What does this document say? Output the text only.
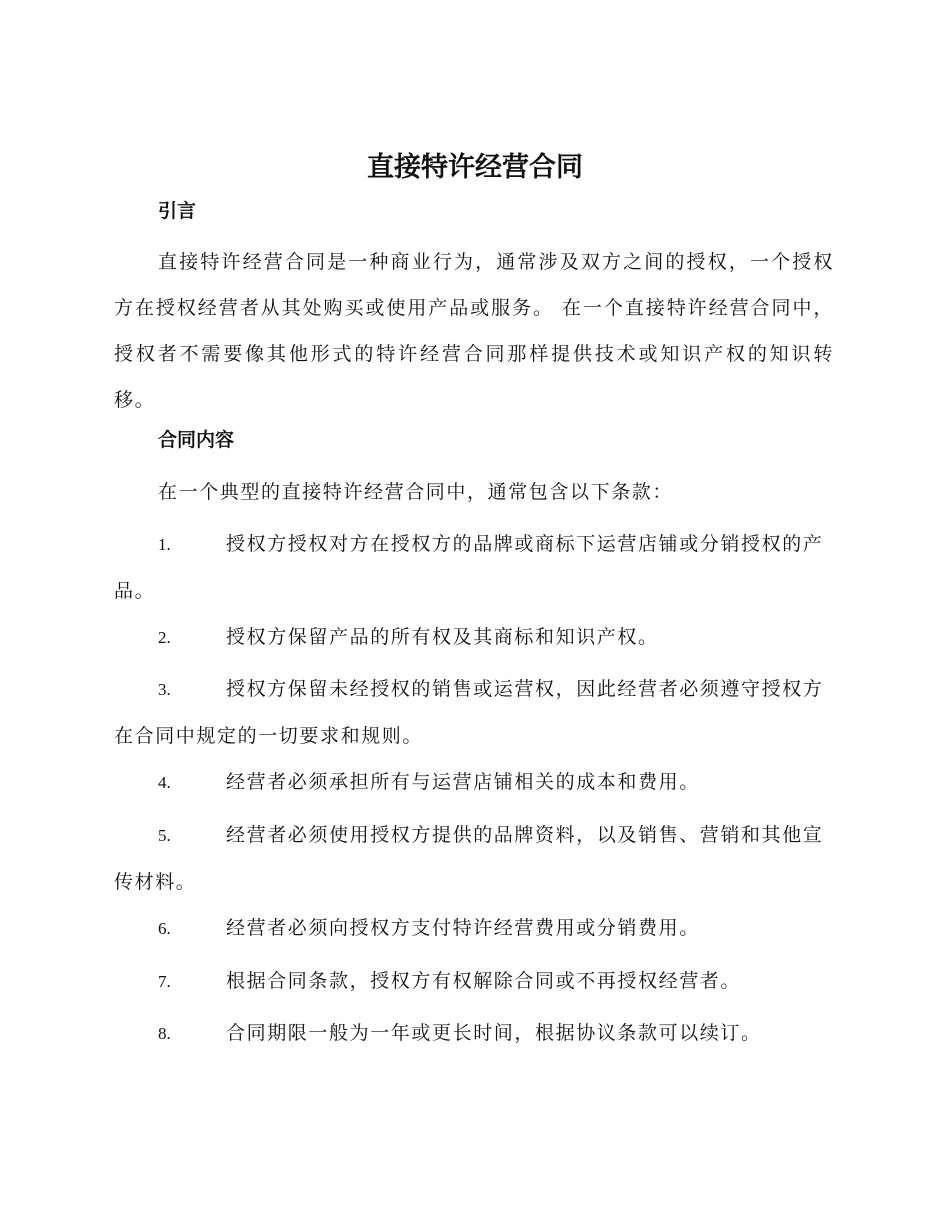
直接特许经营合同
引言

直接特许经营合同是一种商业行为，通常涉及双方之间的授权，一个授权方在授权经营者从其处购买或使用产品或服务。 在一个直接特许经营合同中，授权者不需要像其他形式的特许经营合同那样提供技术或知识产权的知识转移。

合同内容

在一个典型的直接特许经营合同中，通常包含以下条款：

1.	授权方授权对方在授权方的品牌或商标下运营店铺或分销授权的产品。

2.	授权方保留产品的所有权及其商标和知识产权。

3.	授权方保留未经授权的销售或运营权，因此经营者必须遵守授权方在合同中规定的一切要求和规则。

4.	经营者必须承担所有与运营店铺相关的成本和费用。

5.	经营者必须使用授权方提供的品牌资料，以及销售、营销和其他宣传材料。

6.	经营者必须向授权方支付特许经营费用或分销费用。

7.	根据合同条款，授权方有权解除合同或不再授权经营者。

8.	合同期限一般为一年或更长时间，根据协议条款可以续订。
